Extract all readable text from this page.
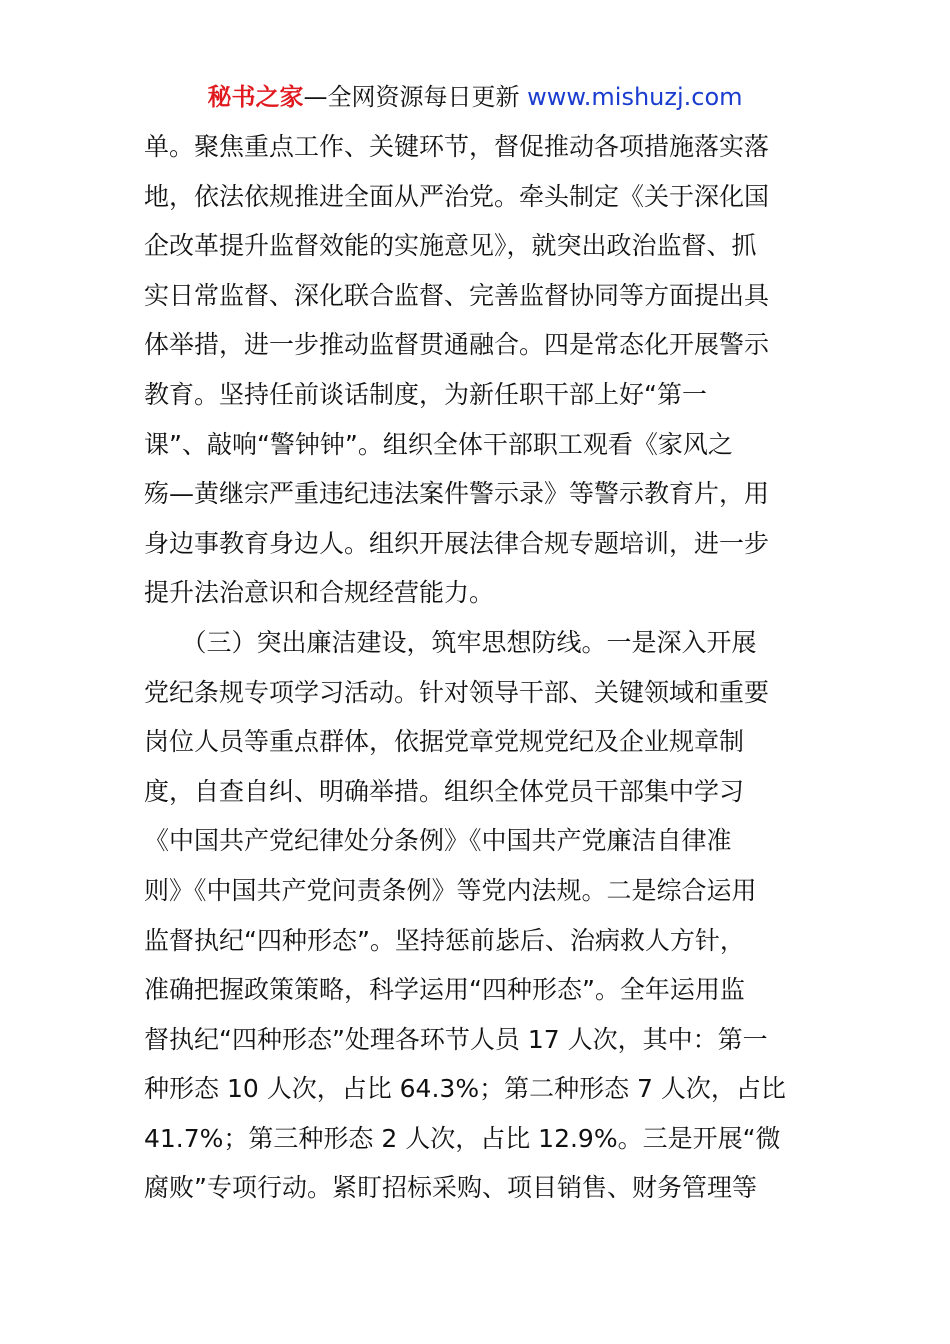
秘书之家—全网资源每日更新 www.mishuzj.com
单。聚焦重点工作、关键环节，督促推动各项措施落实落
地，依法依规推进全面从严治党。牵头制定《关于深化国
企改革提升监督效能的实施意见》，就突出政治监督、抓
实日常监督、深化联合监督、完善监督协同等方面提出具
体举措，进一步推动监督贯通融合。四是常态化开展警示
教育。坚持任前谈话制度，为新任职干部上好“第一
课”、敲响“警钟钟”。组织全体干部职工观看《家风之
殇—黄继宗严重违纪违法案件警示录》等警示教育片，用
身边事教育身边人。组织开展法律合规专题培训，进一步
提升法治意识和合规经营能力。
　　（三）突出廉洁建设，筑牢思想防线。一是深入开展
党纪条规专项学习活动。针对领导干部、关键领域和重要
岗位人员等重点群体，依据党章党规党纪及企业规章制
度，自查自纠、明确举措。组织全体党员干部集中学习
《中国共产党纪律处分条例》《中国共产党廉洁自律准
则》《中国共产党问责条例》等党内法规。二是综合运用
监督执纪“四种形态”。坚持惩前毖后、治病救人方针，
准确把握政策策略，科学运用“四种形态”。全年运用监
督执纪“四种形态”处理各环节人员 17 人次，其中：第一
种形态 10 人次，占比 64.3%；第二种形态 7 人次，占比
41.7%；第三种形态 2 人次，占比 12.9%。三是开展“微
腐败”专项行动。紧盯招标采购、项目销售、财务管理等
